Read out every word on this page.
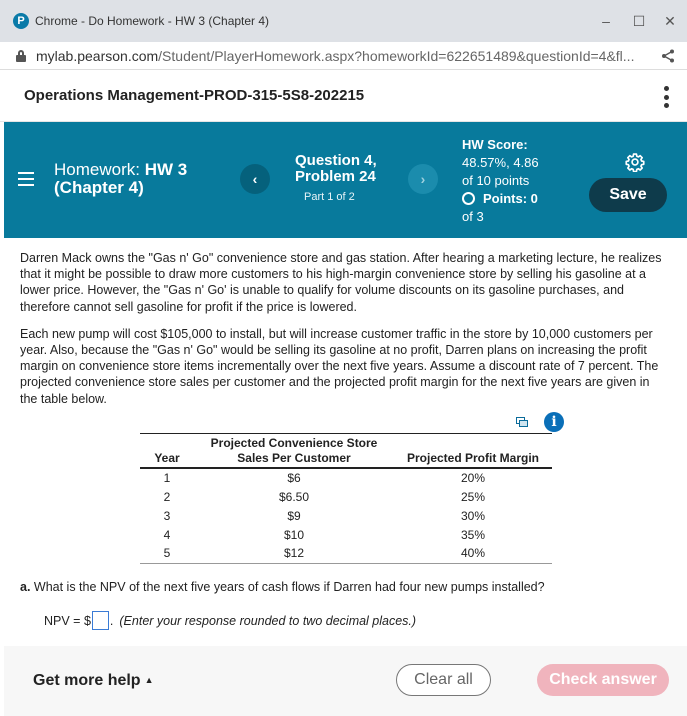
P Chrome - Do Homework - HW 3 (Chapter 4)	‒	☐ ✕
mylab.pearson.com/Student/PlayerHomework.aspx?homeworkId=622651489&questionId=4&fl...
Operations Management-PROD-315-5S8-202215
Homework: HW 3
(Chapter 4)	‹
Question 4,
Problem 24
Part 1 of 2
›
HW Score:
48.57%, 4.86
of 10 points
Points: 0
of 3
Save

Darren Mack owns the "Gas n' Go" convenience store and gas station. After hearing a marketing lecture, he realizes that it might be possible to draw more customers to his high-margin convenience store by selling his gasoline at a lower price. However, the "Gas n' Go' is unable to qualify for volume discounts on its gasoline purchases, and therefore cannot sell gasoline for profit if the price is lowered.

Each new pump will cost $105,000 to install, but will increase customer traffic in the store by 10,000 customers per year. Also, because the "Gas n' Go" would be selling its gasoline at no profit, Darren plans on increasing the profit margin on convenience store items incrementally over the next five years. Assume a discount rate of 7 percent. The projected convenience store sales per customer and the projected profit margin for the next five years are given in the table below.

i
Year	Projected Convenience Store Sales Per Customer	Projected Profit Margin
1	$6	20%
2	$6.50	25%
3	$9	30%
4	$10	35%
5	$12	40%
a. What is the NPV of the next five years of cash flows if Darren had four new pumps installed?
NPV = $ . (Enter your response rounded to two decimal places.)
Get more help ▲	Clear all	Check answer
